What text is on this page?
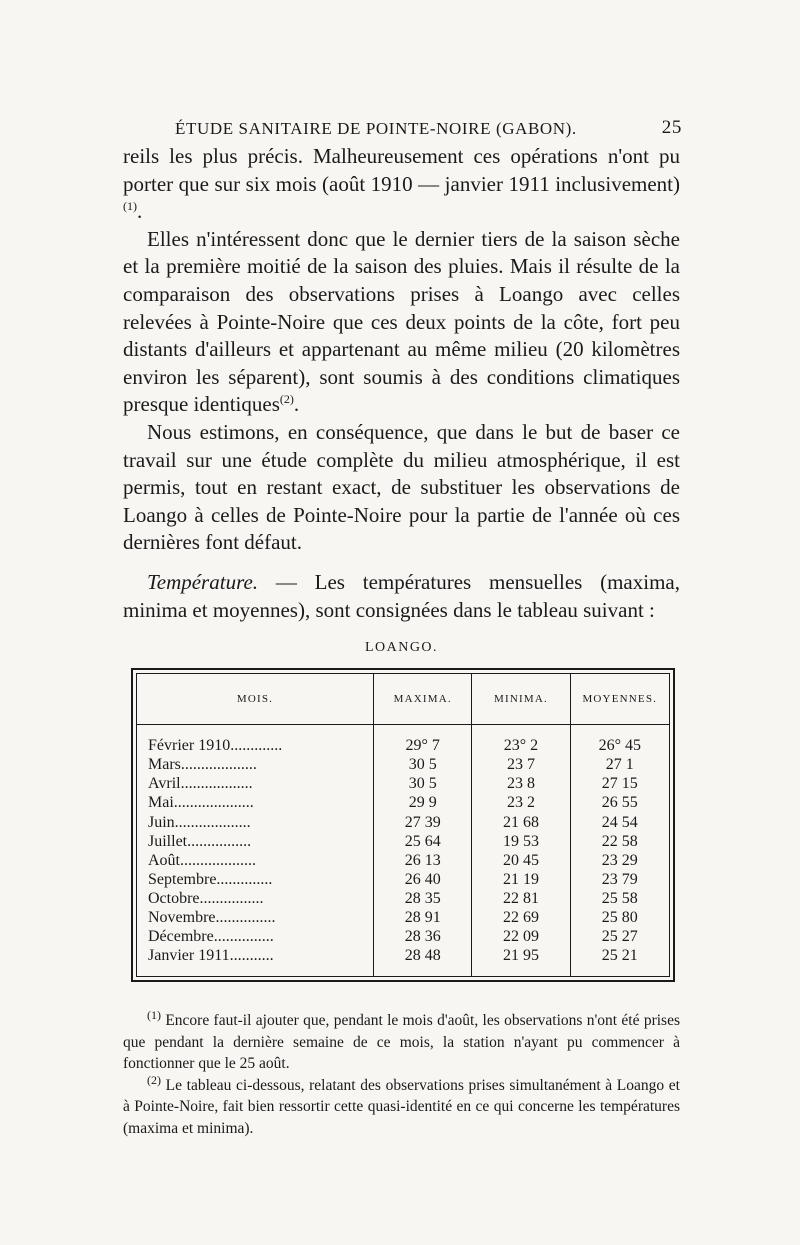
ÉTUDE SANITAIRE DE POINTE-NOIRE (GABON).	25

reils les plus précis. Malheureusement ces opérations n'ont pu porter que sur six mois (août 1910 — janvier 1911 inclusivement)$^{(1)}$.

Elles n'intéressent donc que le dernier tiers de la saison sèche et la première moitié de la saison des pluies. Mais il résulte de la comparaison des observations prises à Loango avec celles relevées à Pointe-Noire que ces deux points de la côte, fort peu distants d'ailleurs et appartenant au même milieu (20 kilomètres environ les séparent), sont soumis à des conditions climatiques presque identiques$^{(2)}$.

Nous estimons, en conséquence, que dans le but de baser ce travail sur une étude complète du milieu atmosphérique, il est permis, tout en restant exact, de substituer les observations de Loango à celles de Pointe-Noire pour la partie de l'année où ces dernières font défaut.

Température. — Les températures mensuelles (maxima, minima et moyennes), sont consignées dans le tableau suivant :

LOANGO.
MOIS.	MAXIMA.	MINIMA.	MOYENNES.
Février 1910.............	29° 7	23° 2	26° 45
Mars...................	30 5	23 7	27 1
Avril..................	30 5	23 8	27 15
Mai....................	29 9	23 2	26 55
Juin...................	27 39	21 68	24 54
Juillet................	25 64	19 53	22 58
Août...................	26 13	20 45	23 29
Septembre..............	26 40	21 19	23 79
Octobre................	28 35	22 81	25 58
Novembre...............	28 91	22 69	25 80
Décembre...............	28 36	22 09	25 27
Janvier 1911...........	28 48	21 95	25 21

$^{(1)}$ Encore faut-il ajouter que, pendant le mois d'août, les observations n'ont été prises que pendant la dernière semaine de ce mois, la station n'ayant pu commencer à fonctionner que le 25 août.

$^{(2)}$ Le tableau ci-dessous, relatant des observations prises simultanément à Loango et à Pointe-Noire, fait bien ressortir cette quasi-identité en ce qui concerne les températures (maxima et minima).
